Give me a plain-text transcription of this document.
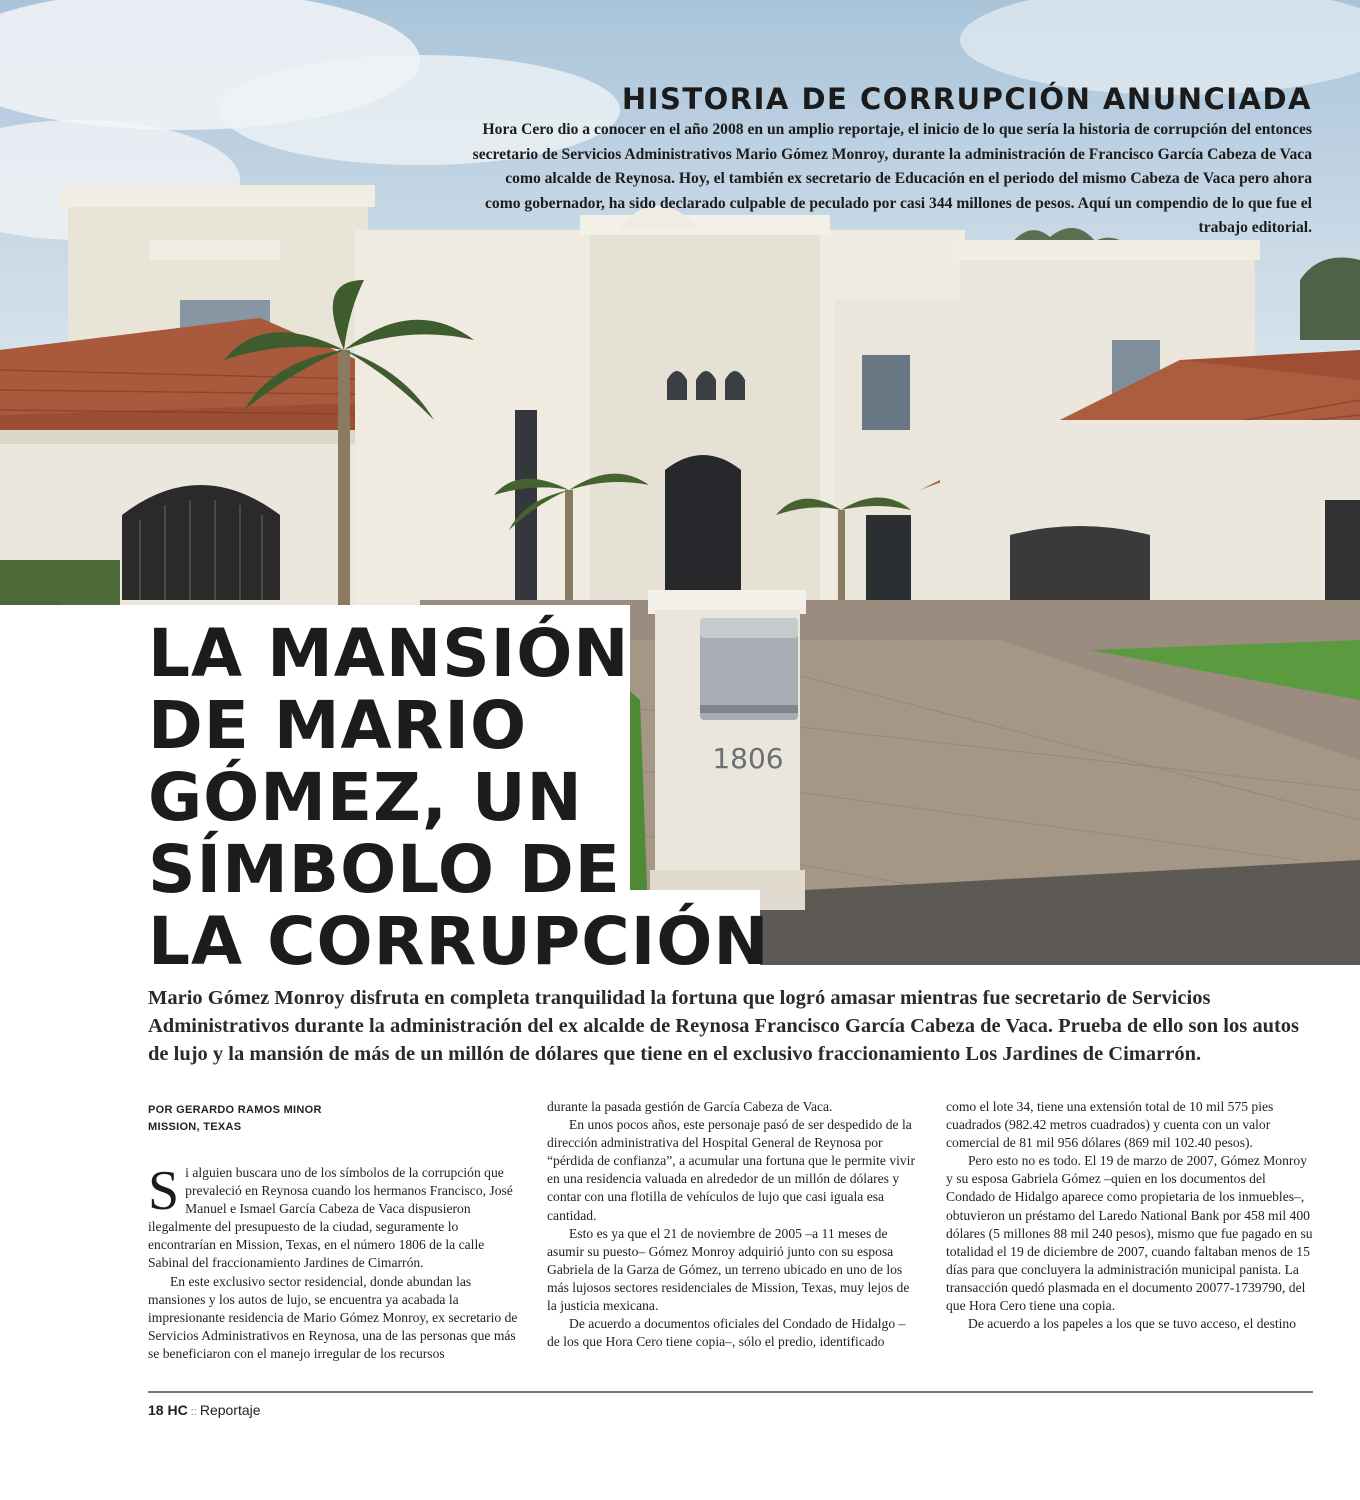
1806
HISTORIA DE CORRUPCIÓN ANUNCIADA

Hora Cero dio a conocer en el año 2008 en un amplio reportaje, el inicio de lo que sería la historia de corrupción del entonces secretario de Servicios Administrativos Mario Gómez Monroy, durante la administración de Francisco García Cabeza de Vaca como alcalde de Reynosa. Hoy, el también ex secretario de Educación en el periodo del mismo Cabeza de Vaca pero ahora como gobernador, ha sido declarado culpable de peculado por casi 344 millones de pesos. Aquí un compendio de lo que fue el trabajo editorial.

LA MANSIÓN
DE MARIO
GÓMEZ, UN
SÍMBOLO DE
LA CORRUPCIÓN

Mario Gómez Monroy disfruta en completa tranquilidad la fortuna que logró amasar mientras fue secretario de Servicios Administrativos durante la administración del ex alcalde de Reynosa Francisco García Cabeza de Vaca. Prueba de ello son los autos de lujo y la mansión de más de un millón de dólares que tiene en el exclusivo fraccionamiento Los Jardines de Cimarrón.

POR GERARDO RAMOS MINOR
MISSION, TEXAS

Si alguien buscara uno de los símbolos de la corrupción que prevaleció en Reynosa cuando los hermanos Francisco, José Manuel e Ismael García Cabeza de Vaca dispusieron ilegalmente del presupuesto de la ciudad, seguramente lo encontrarían en Mission, Texas, en el número 1806 de la calle Sabinal del fraccionamiento Jardines de Cimarrón.

En este exclusivo sector residencial, donde abundan las mansiones y los autos de lujo, se encuentra ya acabada la impresionante residencia de Mario Gómez Monroy, ex secretario de Servicios Administrativos en Reynosa, una de las personas que más se beneficiaron con el manejo irregular de los recursos

durante la pasada gestión de García Cabeza de Vaca.

En unos pocos años, este personaje pasó de ser despedido de la dirección administrativa del Hospital General de Reynosa por “pérdida de confianza”, a acumular una fortuna que le permite vivir en una residencia valuada en alrededor de un millón de dólares y contar con una flotilla de vehículos de lujo que casi iguala esa cantidad.

Esto es ya que el 21 de noviembre de 2005 –a 11 meses de asumir su puesto– Gómez Monroy adquirió junto con su esposa Gabriela de la Garza de Gómez, un terreno ubicado en uno de los más lujosos sectores residenciales de Mission, Texas, muy lejos de la justicia mexicana.

De acuerdo a documentos oficiales del Condado de Hidalgo –de los que Hora Cero tiene copia–, sólo el predio, identificado

como el lote 34, tiene una extensión total de 10 mil 575 pies cuadrados (982.42 metros cuadrados) y cuenta con un valor comercial de 81 mil 956 dólares (869 mil 102.40 pesos).

Pero esto no es todo. El 19 de marzo de 2007, Gómez Monroy y su esposa Gabriela Gómez –quien en los documentos del Condado de Hidalgo aparece como propietaria de los inmuebles–, obtuvieron un préstamo del Laredo National Bank por 458 mil 400 dólares (5 millones 88 mil 240 pesos), mismo que fue pagado en su totalidad el 19 de diciembre de 2007, cuando faltaban menos de 15 días para que concluyera la administración municipal panista. La transacción quedó plasmada en el documento 20077-1739790, del que Hora Cero tiene una copia.

De acuerdo a los papeles a los que se tuvo acceso, el destino

18 HC :: Reportaje
